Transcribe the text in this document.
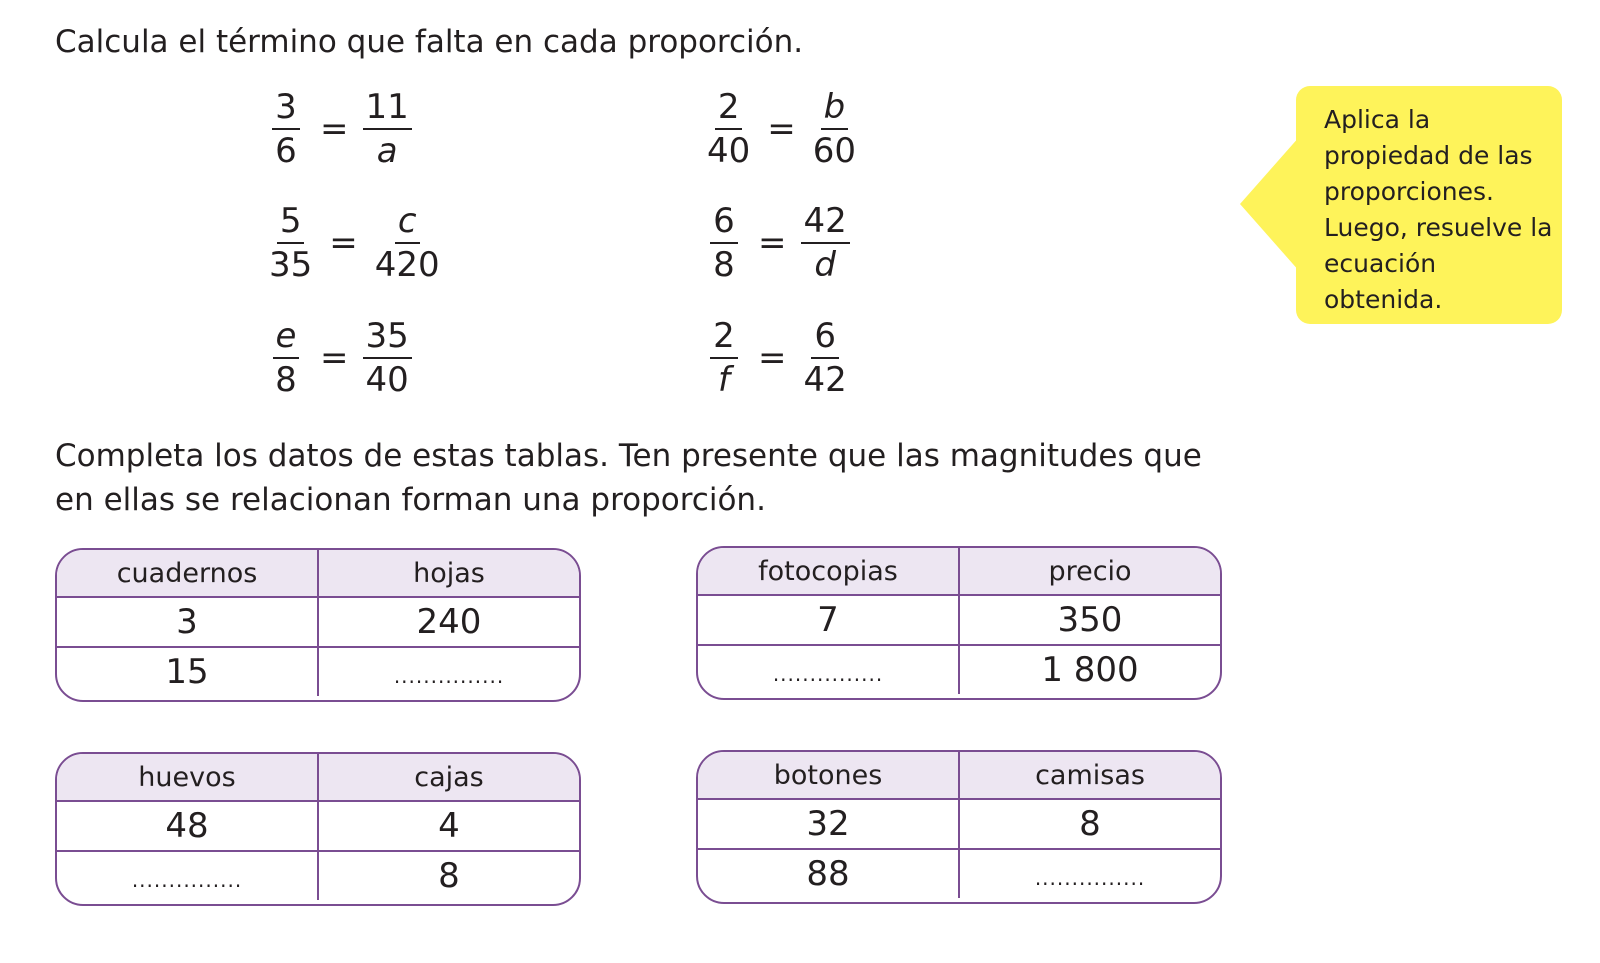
Calcula el término que falta en cada proporción.
$\frac{3}{6} = \frac{11}{a}$
$\frac{5}{35} = \frac{c}{420}$
$\frac{e}{8} = \frac{35}{40}$
$\frac{2}{40} = \frac{b}{60}$
$\frac{6}{8} = \frac{42}{d}$
$\frac{2}{f} = \frac{6}{42}$
Aplica la propiedad de las proporciones. Luego, resuelve la ecuación obtenida.
Completa los datos de estas tablas. Ten presente que las magnitudes que en ellas se relacionan forman una proporción.
cuadernos	hojas
3	240
15	...............
fotocopias	precio
7	350
...............	1 800
huevos	cajas
48	4
...............	8
botones	camisas
32	8
88	...............
